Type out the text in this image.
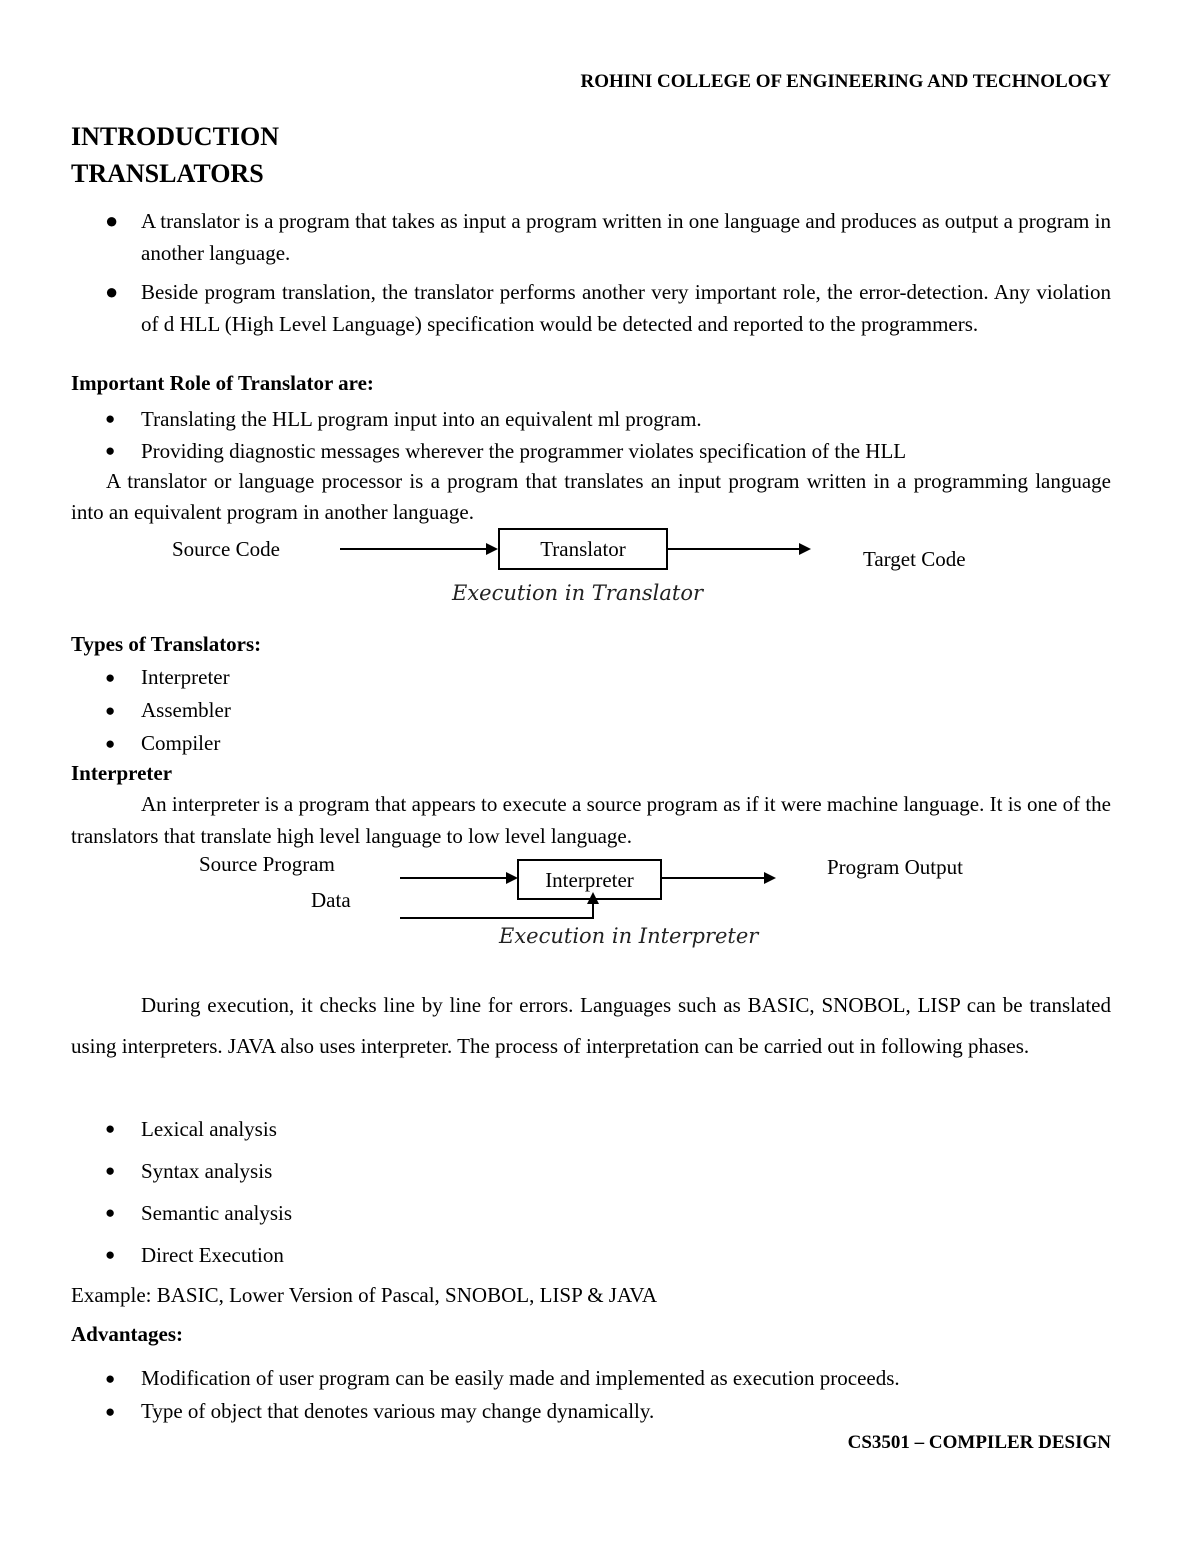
ROHINI COLLEGE OF ENGINEERING AND TECHNOLOGY
INTRODUCTION
TRANSLATORS
● A translator is a program that takes as input a program written in one language and produces as output a program in another language.
● Beside program translation, the translator performs another very important role, the error-detection. Any violation of d HLL (High Level Language) specification would be detected and reported to the programmers.
Important Role of Translator are:
● Translating the HLL program input into an equivalent ml program.
● Providing diagnostic messages wherever the programmer violates specification of the HLL
A translator or language processor is a program that translates an input program written in a programming language into an equivalent program in another language.
Source Code	Translator	Target Code
Execution in Translator
Types of Translators:
● Interpreter
● Assembler
● Compiler
Interpreter
An interpreter is a program that appears to execute a source program as if it were machine language. It is one of the translators that translate high level language to low level language.
Source Program
Data
Interpreter
Program Output
Execution in Interpreter
During execution, it checks line by line for errors. Languages such as BASIC, SNOBOL, LISP can be translated using interpreters. JAVA also uses interpreter. The process of interpretation can be carried out in following phases.
● Lexical analysis
● Syntax analysis
● Semantic analysis
● Direct Execution
Example: BASIC, Lower Version of Pascal, SNOBOL, LISP & JAVA
Advantages:
● Modification of user program can be easily made and implemented as execution proceeds.
● Type of object that denotes various may change dynamically.
CS3501 – COMPILER DESIGN
